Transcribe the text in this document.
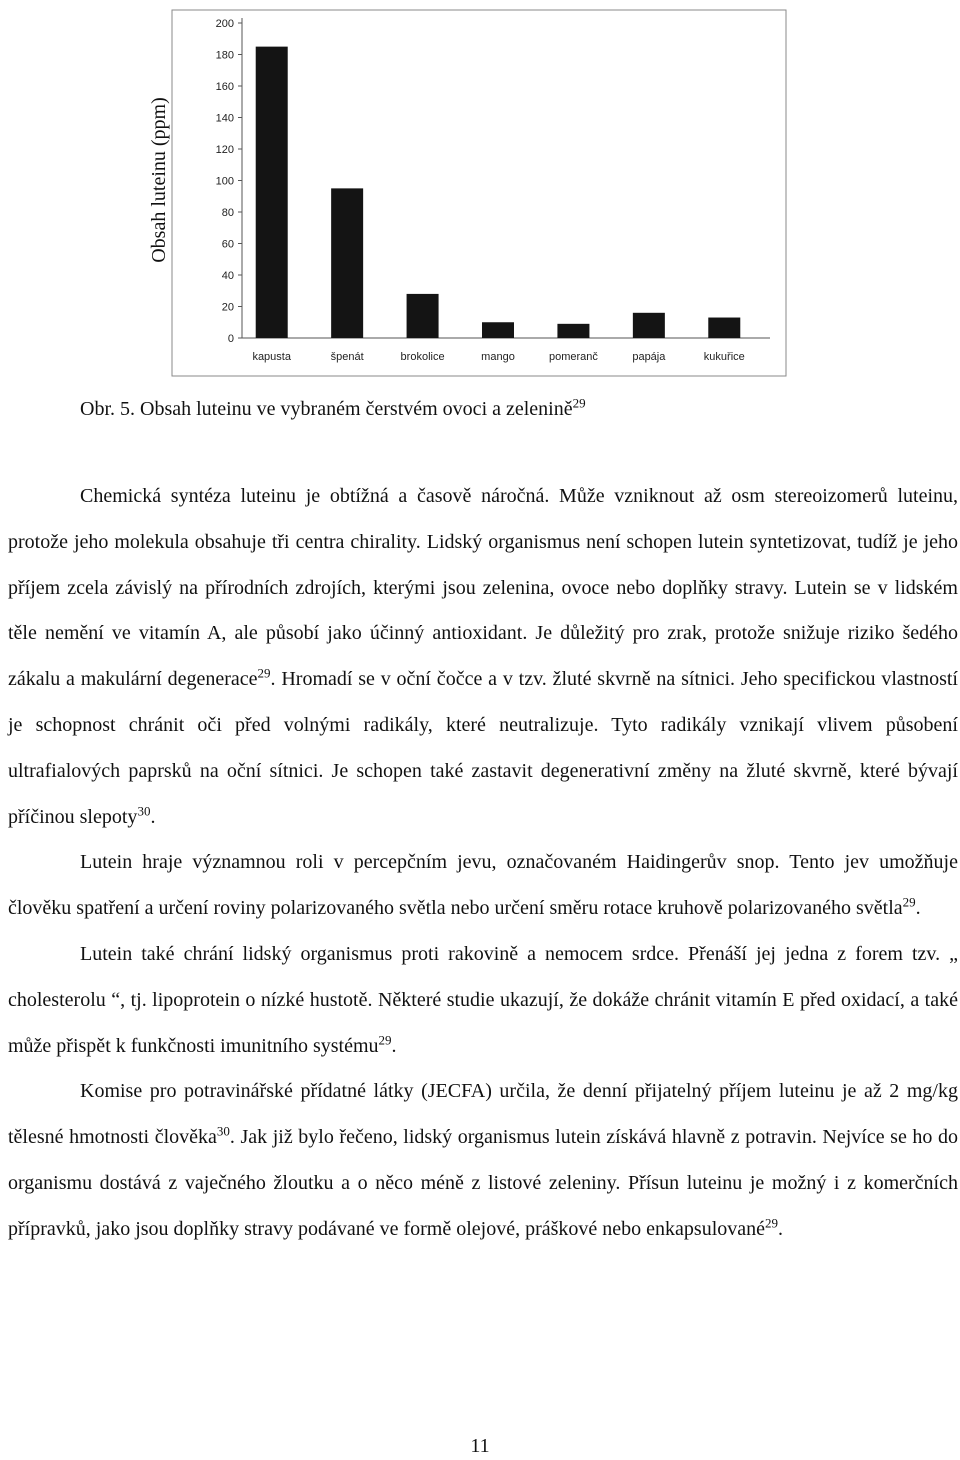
Obsah luteinu (ppm)
0
20
40
60
80
100
120
140
160
180
200
kapusta	špenát	brokolice	mango	pomeranč	papája	kukuřice
Obr. 5. Obsah luteinu ve vybraném čerstvém ovoci a zelenině$^{29}$

Chemická syntéza luteinu je obtížná a časově náročná. Může vzniknout až osm stereoizomerů luteinu, protože jeho molekula obsahuje tři centra chirality. Lidský organismus není schopen lutein syntetizovat, tudíž je jeho příjem zcela závislý na přírodních zdrojích, kterými jsou zelenina, ovoce nebo doplňky stravy. Lutein se v lidském těle nemění ve vitamín A, ale působí jako účinný antioxidant. Je důležitý pro zrak, protože snižuje riziko šedého zákalu a makulární degenerace$^{29}$. Hromadí se v oční čočce a v tzv. žluté skvrně na sítnici. Jeho specifickou vlastností je schopnost chránit oči před volnými radikály, které neutralizuje. Tyto radikály vznikají vlivem působení ultrafialových paprsků na oční sítnici. Je schopen také zastavit degenerativní změny na žluté skvrně, které bývají příčinou slepoty$^{30}$.

Lutein hraje významnou roli v percepčním jevu, označovaném Haidingerův snop. Tento jev umožňuje člověku spatření a určení roviny polarizovaného světla nebo určení směru rotace kruhově polarizovaného světla$^{29}$.

Lutein také chrání lidský organismus proti rakovině a nemocem srdce. Přenáší jej jedna z forem tzv. „ cholesterolu “, tj. lipoprotein o nízké hustotě. Některé studie ukazují, že dokáže chránit vitamín E před oxidací, a také může přispět k funkčnosti imunitního systému$^{29}$.

Komise pro potravinářské přídatné látky (JECFA) určila, že denní přijatelný příjem luteinu je až 2 mg/kg tělesné hmotnosti člověka$^{30}$. Jak již bylo řečeno, lidský organismus lutein získává hlavně z potravin. Nejvíce se ho do organismu dostává z vaječného žloutku a o něco méně z listové zeleniny. Přísun luteinu je možný i z komerčních přípravků, jako jsou doplňky stravy podávané ve formě olejové, práškové nebo enkapsulované$^{29}$.

11
